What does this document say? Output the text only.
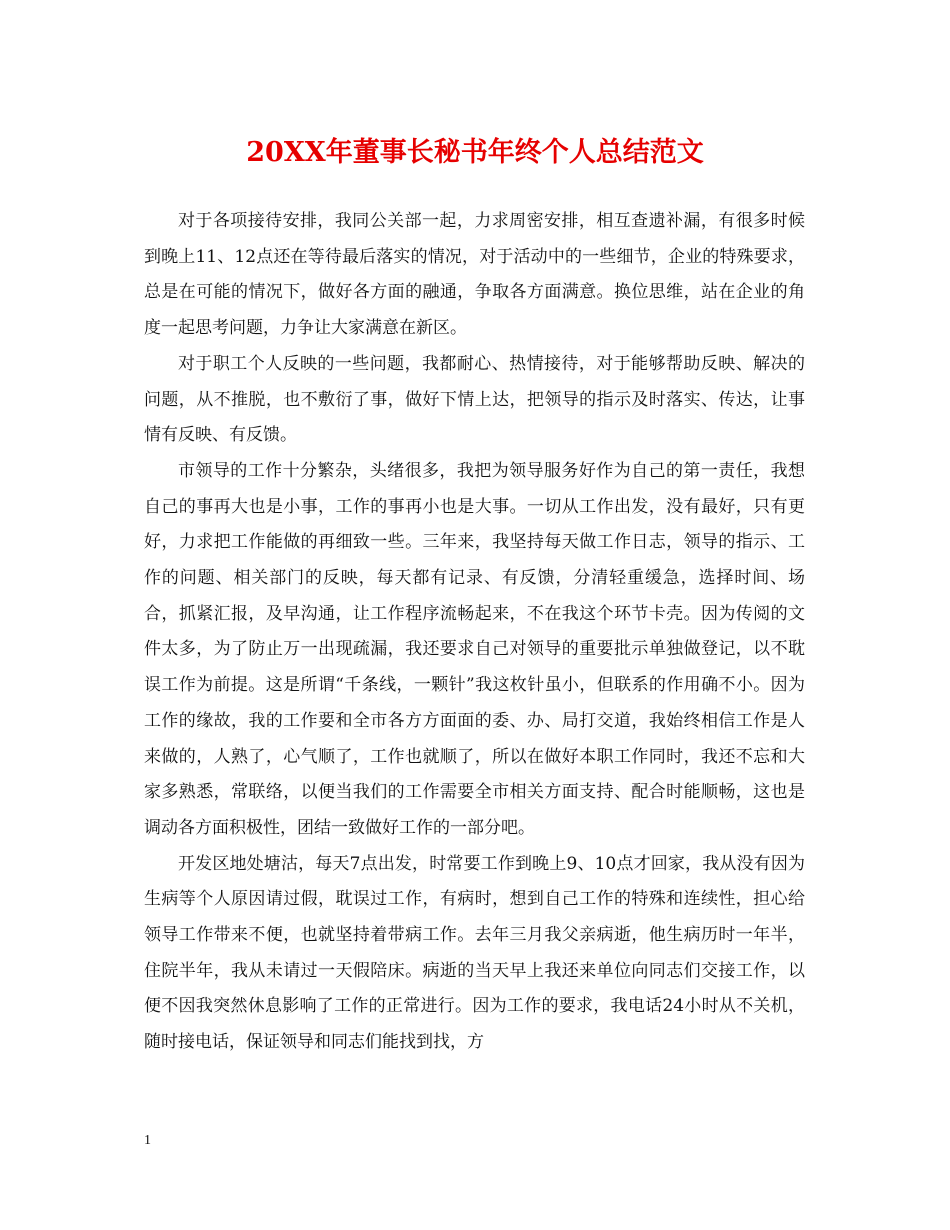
20XX年董事长秘书年终个人总结范文

对于各项接待安排，我同公关部一起，力求周密安排，相互查遗补漏，有很多时候到晚上11、12点还在等待最后落实的情况，对于活动中的一些细节，企业的特殊要求，总是在可能的情况下，做好各方面的融通，争取各方面满意。换位思维，站在企业的角度一起思考问题，力争让大家满意在新区。

对于职工个人反映的一些问题，我都耐心、热情接待，对于能够帮助反映、解决的问题，从不推脱，也不敷衍了事，做好下情上达，把领导的指示及时落实、传达，让事情有反映、有反馈。

市领导的工作十分繁杂，头绪很多，我把为领导服务好作为自己的第一责任，我想自己的事再大也是小事，工作的事再小也是大事。一切从工作出发，没有最好，只有更好，力求把工作能做的再细致一些。三年来，我坚持每天做工作日志，领导的指示、工作的问题、相关部门的反映，每天都有记录、有反馈，分清轻重缓急，选择时间、场合，抓紧汇报，及早沟通，让工作程序流畅起来，不在我这个环节卡壳。因为传阅的文件太多，为了防止万一出现疏漏，我还要求自己对领导的重要批示单独做登记，以不耽误工作为前提。这是所谓“千条线，一颗针”我这枚针虽小，但联系的作用确不小。因为工作的缘故，我的工作要和全市各方方面面的委、办、局打交道，我始终相信工作是人来做的，人熟了，心气顺了，工作也就顺了，所以在做好本职工作同时，我还不忘和大家多熟悉，常联络，以便当我们的工作需要全市相关方面支持、配合时能顺畅，这也是调动各方面积极性，团结一致做好工作的一部分吧。

开发区地处塘沽，每天7点出发，时常要工作到晚上9、10点才回家，我从没有因为生病等个人原因请过假，耽误过工作，有病时，想到自己工作的特殊和连续性，担心给领导工作带来不便，也就坚持着带病工作。去年三月我父亲病逝，他生病历时一年半，住院半年，我从未请过一天假陪床。病逝的当天早上我还来单位向同志们交接工作，以便不因我突然休息影响了工作的正常进行。因为工作的要求，我电话24小时从不关机，随时接电话，保证领导和同志们能找到找，方

1
